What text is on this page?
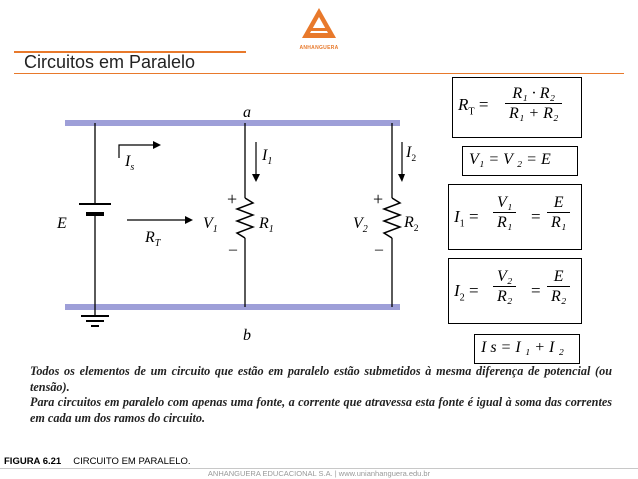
ANHANGUERA
Circuitos em Paralelo
$I_s$
E
$R_T$
a
b
$I_1$
+
–
$V_1$	$R_1$
+
–
$V_2$
$I_2$
$R_2$
$R_T = \frac{\text{R₁ · R₂}}{\text{R₁ + R₂}}$
V₁ = V ₂ = E
$I_1 = \frac{\text{V₁}}{\text{R₁}} = \frac{E}{\text{R₁}}$
$I_2 = \frac{\text{V₂}}{\text{R₂}} = \frac{E}{\text{R₂}}$
I s = I ₁ + I ₂

Todos os elementos de um circuito que estão em paralelo estão submetidos à mesma diferença de potencial (ou tensão).

Para circuitos em paralelo com apenas uma fonte, a corrente que atravessa esta fonte é igual à soma das correntes em cada um dos ramos do circuito.

FIGURA 6.21 CIRCUITO EM PARALELO.
ANHANGUERA EDUCACIONAL S.A. | www.unianhanguera.edu.br
